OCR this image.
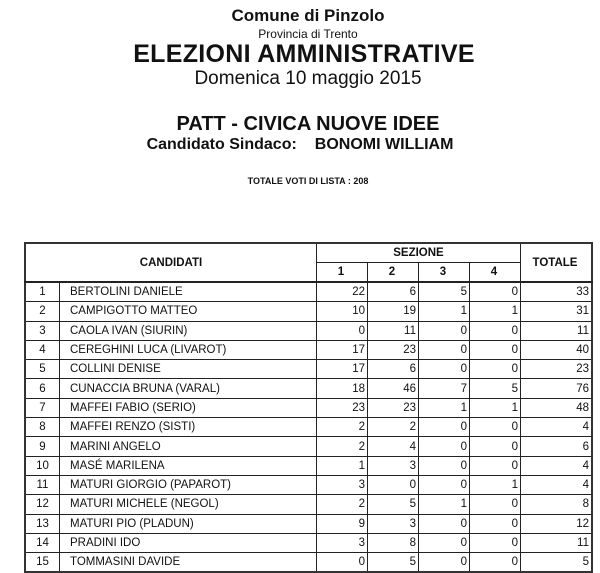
Comune di Pinzolo
Provincia di Trento
ELEZIONI AMMINISTRATIVE
Domenica 10 maggio 2015
PATT - CIVICA NUOVE IDEE
Candidato Sindaco: BONOMI WILLIAM
TOTALE VOTI DI LISTA : 208
CANDIDATI		SEZIONE				TOTALE
		1	2	3	4	
1	BERTOLINI DANIELE	22	6	5	0	33
2	CAMPIGOTTO MATTEO	10	19	1	1	31
3	CAOLA IVAN (SIURIN)	0	11	0	0	11
4	CEREGHINI LUCA (LIVAROT)	17	23	0	0	40
5	COLLINI DENISE	17	6	0	0	23
6	CUNACCIA BRUNA (VARAL)	18	46	7	5	76
7	MAFFEI FABIO (SERIO)	23	23	1	1	48
8	MAFFEI RENZO (SISTI)	2	2	0	0	4
9	MARINI ANGELO	2	4	0	0	6
10	MASÉ MARILENA	1	3	0	0	4
11	MATURI GIORGIO (PAPAROT)	3	0	0	1	4
12	MATURI MICHELE (NEGOL)	2	5	1	0	8
13	MATURI PIO (PLADUN)	9	3	0	0	12
14	PRADINI IDO	3	8	0	0	11
15	TOMMASINI DAVIDE	0	5	0	0	5
